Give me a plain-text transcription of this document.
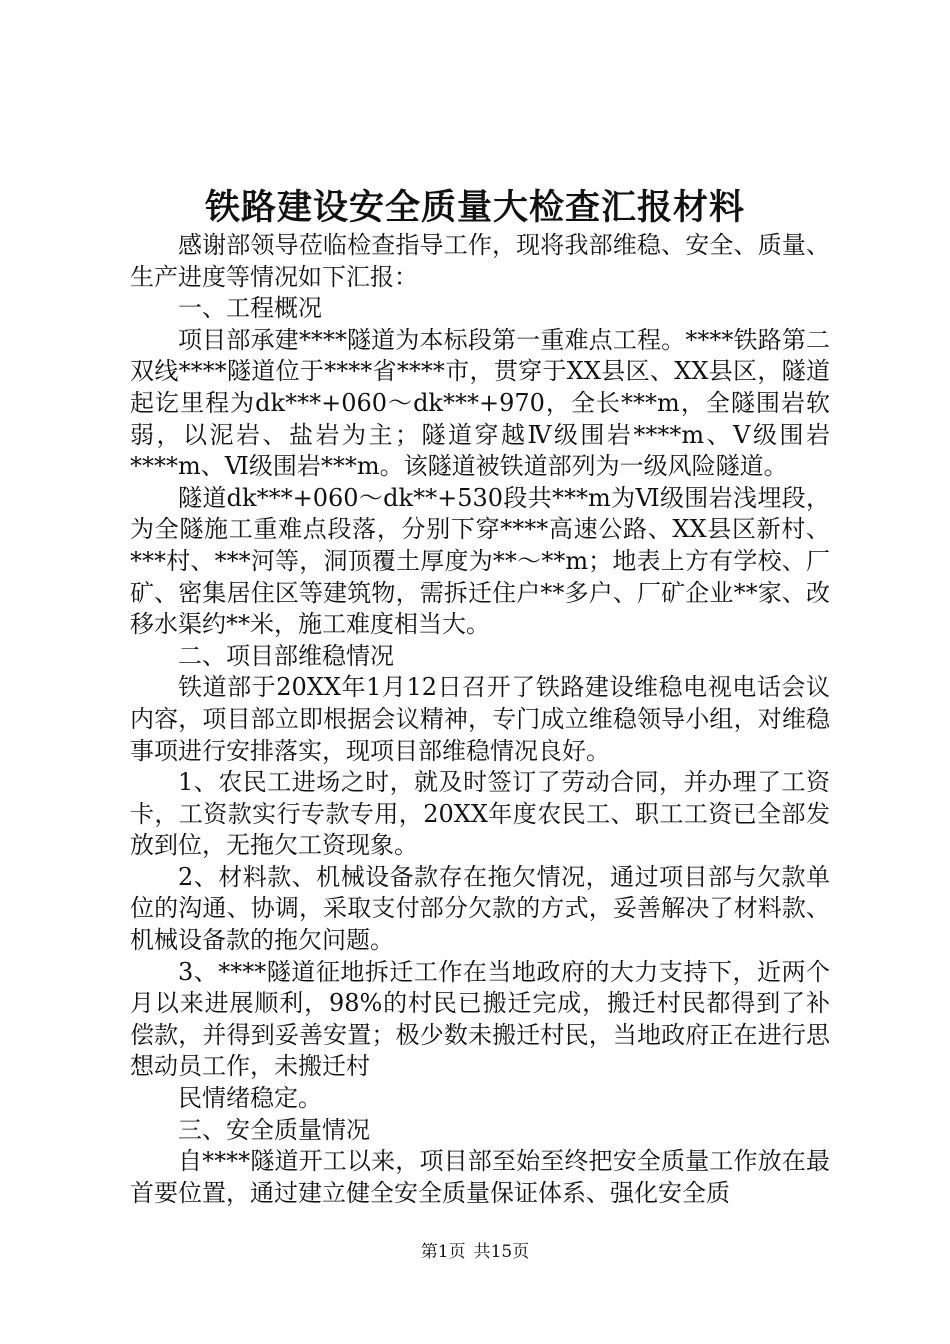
铁路建设安全质量大检查汇报材料

感谢部领导莅临检查指导工作，现将我部维稳、安全、质量、生产进度等情况如下汇报：

一、工程概况

项目部承建****隧道为本标段第一重难点工程。****铁路第二双线****隧道位于****省****市，贯穿于XX县区、XX县区，隧道起讫里程为dk***+060～dk***+970，全长***m，全隧围岩软弱，以泥岩、盐岩为主；隧道穿越Ⅳ级围岩****m、Ⅴ级围岩****m、Ⅵ级围岩***m。该隧道被铁道部列为一级风险隧道。

隧道dk***+060～dk**+530段共***m为Ⅵ级围岩浅埋段，为全隧施工重难点段落，分别下穿****高速公路、XX县区新村、***村、***河等，洞顶覆土厚度为**～**m；地表上方有学校、厂矿、密集居住区等建筑物，需拆迁住户**多户、厂矿企业**家、改移水渠约**米，施工难度相当大。

二、项目部维稳情况

铁道部于20XX年1月12日召开了铁路建设维稳电视电话会议内容，项目部立即根据会议精神，专门成立维稳领导小组，对维稳事项进行安排落实，现项目部维稳情况良好。

1、农民工进场之时，就及时签订了劳动合同，并办理了工资卡，工资款实行专款专用，20XX年度农民工、职工工资已全部发放到位，无拖欠工资现象。

2、材料款、机械设备款存在拖欠情况，通过项目部与欠款单位的沟通、协调，采取支付部分欠款的方式，妥善解决了材料款、机械设备款的拖欠问题。

3、****隧道征地拆迁工作在当地政府的大力支持下，近两个月以来进展顺利，98%的村民已搬迁完成，搬迁村民都得到了补偿款，并得到妥善安置；极少数未搬迁村民，当地政府正在进行思想动员工作，未搬迁村

民情绪稳定。

三、安全质量情况

自****隧道开工以来，项目部至始至终把安全质量工作放在最首要位置，通过建立健全安全质量保证体系、强化安全质

第1页 共15页
